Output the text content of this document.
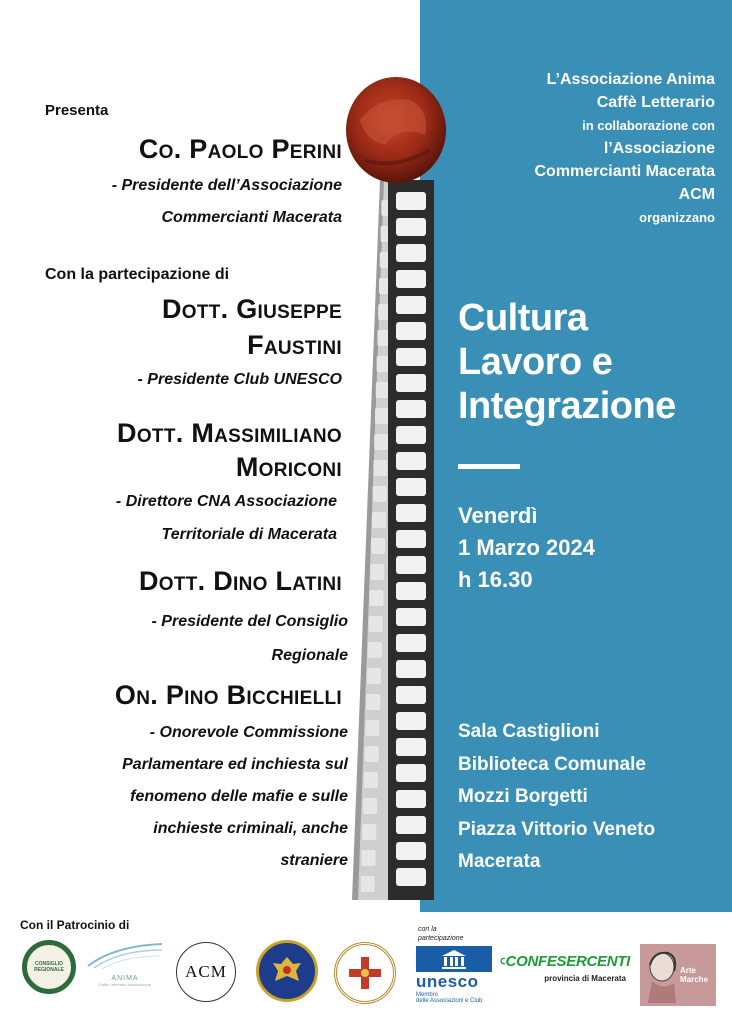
Presenta
Co. Paolo Perini
- Presidente dell’Associazione
Commercianti Macerata
Con la partecipazione di
Dott. Giuseppe
Faustini
- Presidente Club UNESCO
Dott. Massimiliano
Moriconi
- Direttore CNA Associazione
Territoriale di Macerata
Dott. Dino Latini
- Presidente del Consiglio
Regionale
On. Pino Bicchielli
- Onorevole Commissione
Parlamentare ed inchiesta sul
fenomeno delle mafie e sulle
inchieste criminali, anche
straniere
L’Associazione Anima
Caffè Letterario
in collaborazione con
l’Associazione
Commercianti Macerata
ACM
organizzano
Cultura
Lavoro e
Integrazione
Venerdì
1 Marzo 2024
h 16.30
Sala Castiglioni
Biblioteca Comunale
Mozzi Borgetti
Piazza Vittorio Veneto
Macerata
Con il Patrocinio di
CONSIGLIO REGIONALE
ANIMA
Caffè Letterario Associazione
ACM
con la
partecipazione
unesco
Membro
delle Associazioni e Club
CONFESERCENTI
provincia di Macerata
Arte Marche
